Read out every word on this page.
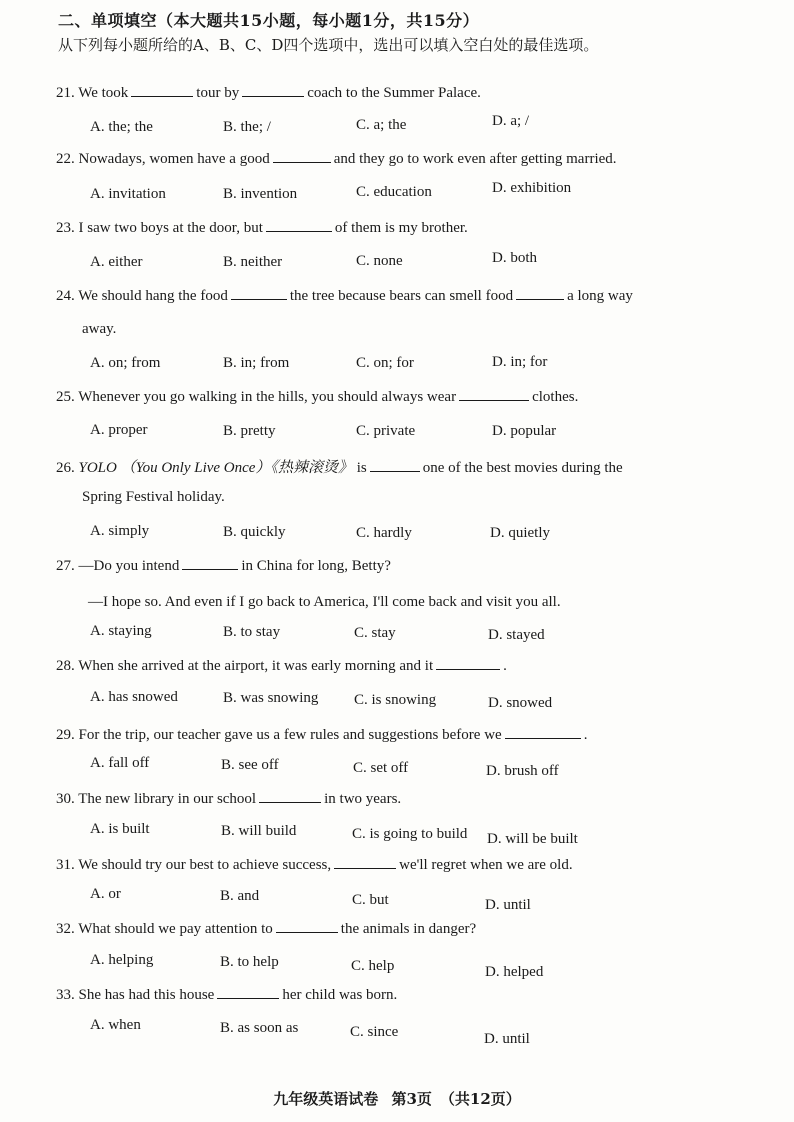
二、单项填空（本大题共15小题，每小题1分，共15分）
从下列每小题所给的A、B、C、D四个选项中，选出可以填入空白处的最佳选项。
21. We took	tour by	coach to the Summer Palace.
A. the; the	B. the; /	C. a; the	D. a; /
22. Nowadays, women have a good	and they go to work even after getting married.
A. invitation	B. invention	C. education	D. exhibition
23. I saw two boys at the door, but	of them is my brother.
A. either	B. neither	C. none	D. both
24. We should hang the food	the tree because bears can smell food	a long way
away.
A. on; from	B. in; from	C. on; for	D. in; for
25. Whenever you go walking in the hills, you should always wear	clothes.
A. proper	B. pretty	C. private	D. popular
26. YOLO （You Only Live Once）《热辣滚烫》 is	one of the best movies during the
Spring Festival holiday.
A. simply	B. quickly	C. hardly	D. quietly
27. —Do you intend	in China for long, Betty?
—I hope so. And even if I go back to America, I'll come back and visit you all.
A. staying	B. to stay	C. stay	D. stayed
28. When she arrived at the airport, it was early morning and it	.
A. has snowed	B. was snowing C. is snowing	D. snowed
29. For the trip, our teacher gave us a few rules and suggestions before we	.
A. fall off	B. see off	C. set off	D. brush off
30. The new library in our school	in two years.
A. is built	B. will build	C. is going to build D. will be built
31. We should try our best to achieve success,	we'll regret when we are old.
A. or	B. and	C. but	D. until
32. What should we pay attention to	the animals in danger?
A. helping	B. to help	C. help	D. helped
33. She has had this house	her child was born.
A. when	B. as soon as	C. since	D. until
九年级英语试卷 第3页 （共12页）
